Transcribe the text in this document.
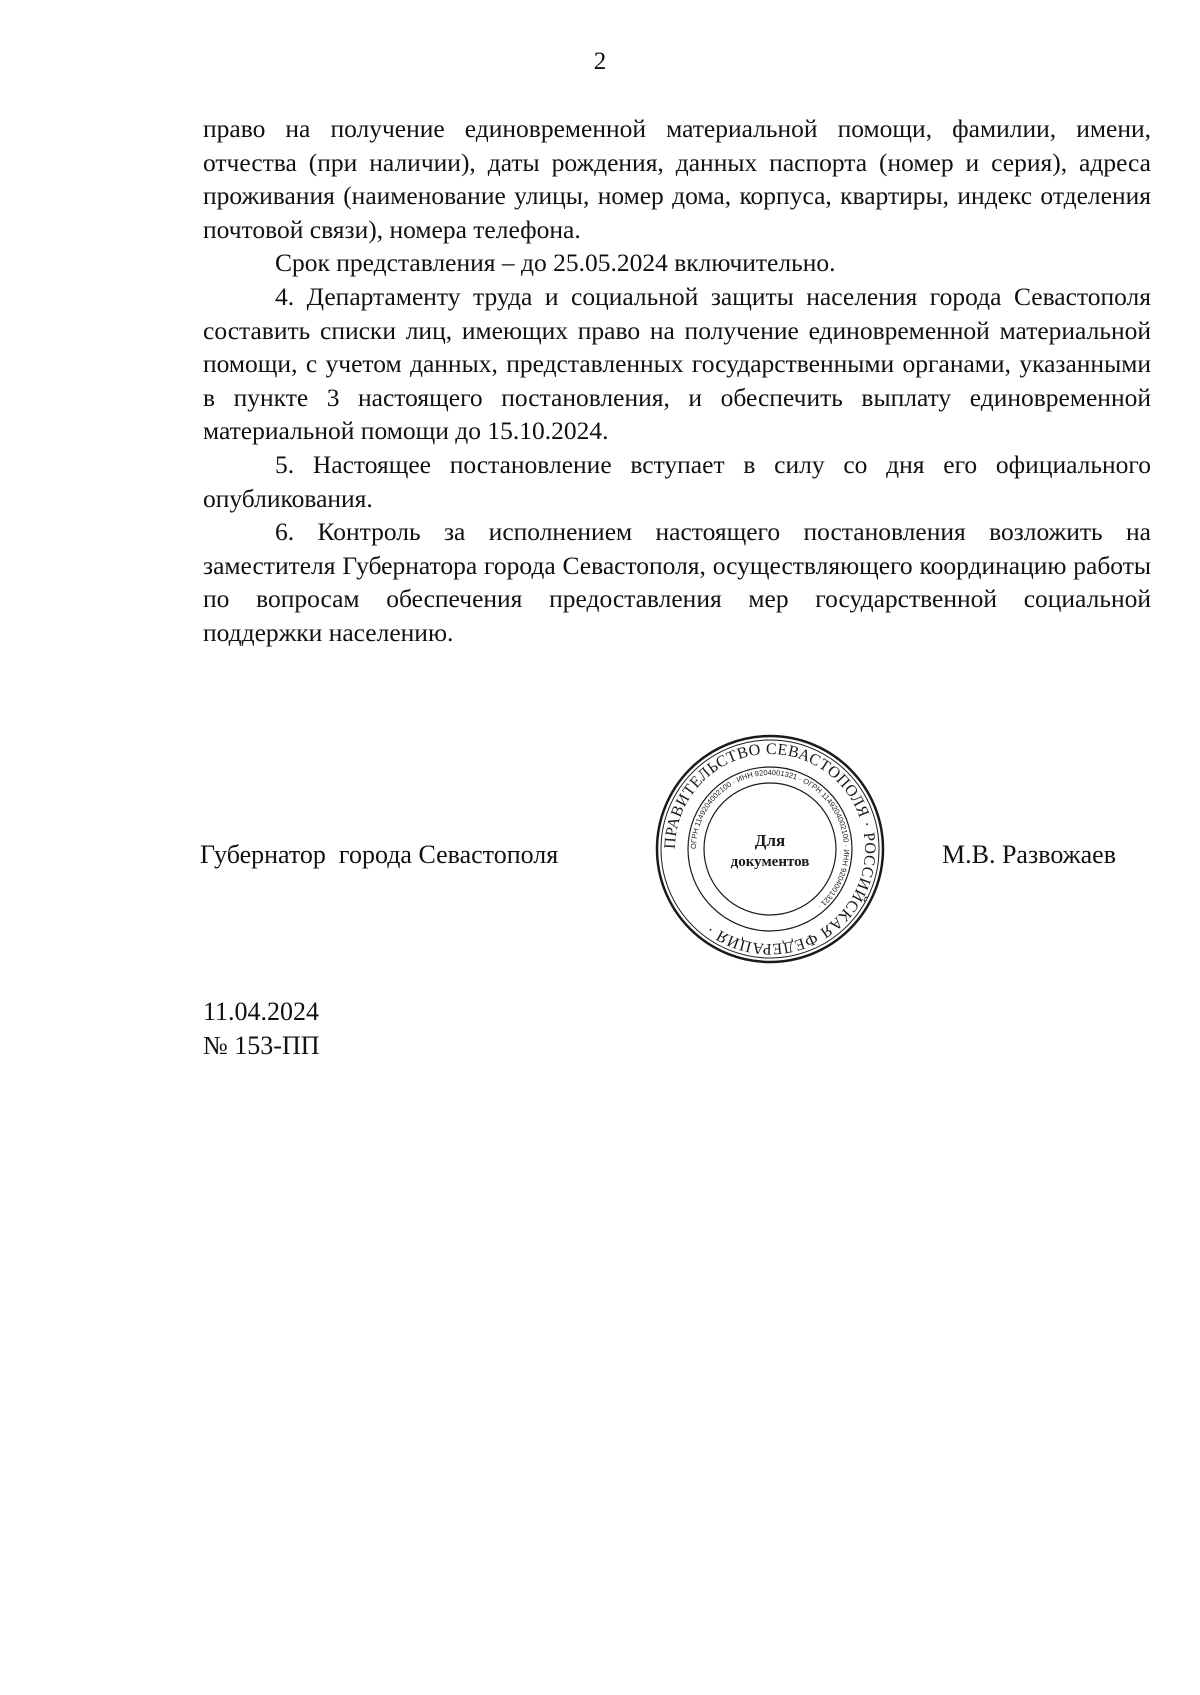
2

право на получение единовременной материальной помощи, фамилии, имени, отчества (при наличии), даты рождения, данных паспорта (номер и серия), адреса проживания (наименование улицы, номер дома, корпуса, квартиры, индекс отделения почтовой связи), номера телефона.

Срок представления – до 25.05.2024 включительно.

4. Департаменту труда и социальной защиты населения города Севастополя составить списки лиц, имеющих право на получение единовременной материальной помощи, с учетом данных, представленных государственными органами, указанными в пункте 3 настоящего постановления, и обеспечить выплату единовременной материальной помощи до 15.10.2024.

5. Настоящее постановление вступает в силу со дня его официального опубликования.

6. Контроль за исполнением настоящего постановления возложить на заместителя Губернатора города Севастополя, осуществляющего координацию работы по вопросам обеспечения предоставления мер государственной социальной поддержки населению.

Губернатор  города Севастополя	ПРАВИТЕЛЬСТВО СЕВАСТОПОЛЯ · РОССИЙСКАЯ ФЕДЕРАЦИЯ ·
ОГРН 1149204002100 · ИНН 9204001321 · ОГРН 1149204002100 · ИНН 9204001321 ·
Для
документов	М.В. Развожаев
11.04.2024
№ 153-ПП
